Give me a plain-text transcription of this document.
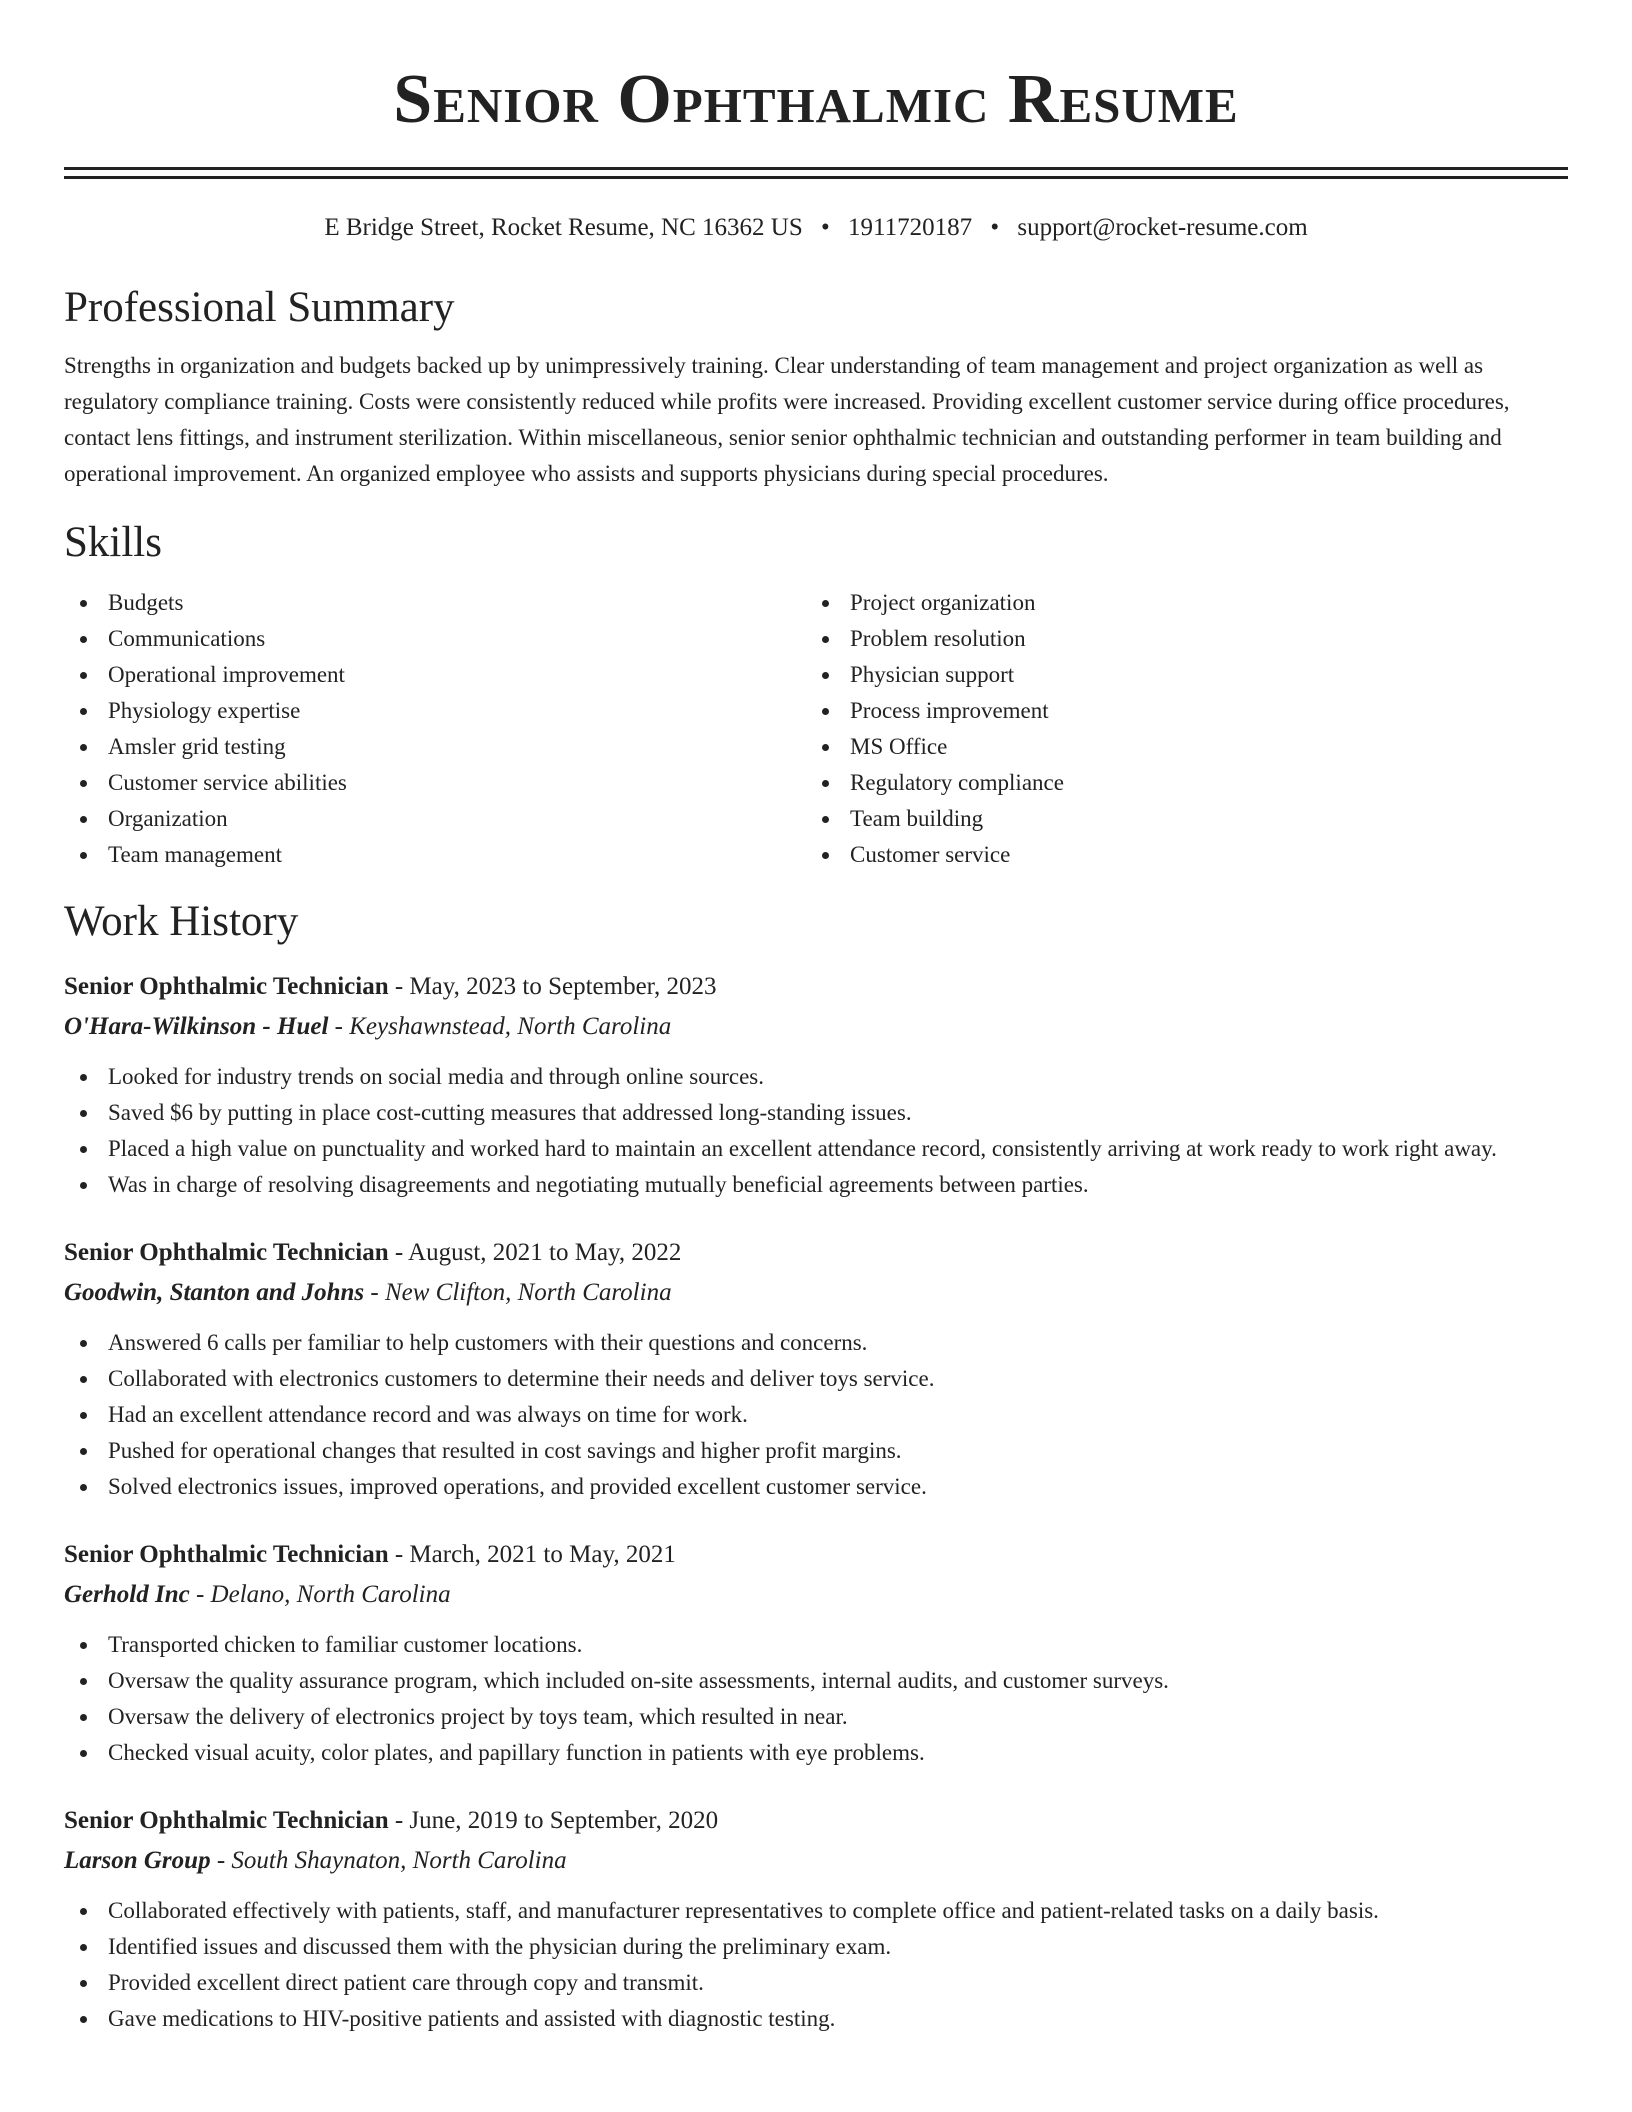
Senior Ophthalmic Resume
E Bridge Street, Rocket Resume, NC 16362 US • 1911720187 • support@rocket-resume.com
Professional Summary

Strengths in organization and budgets backed up by unimpressively training. Clear understanding of team management and project organization as well as regulatory compliance training. Costs were consistently reduced while profits were increased. Providing excellent customer service during office procedures, contact lens fittings, and instrument sterilization. Within miscellaneous, senior senior ophthalmic technician and outstanding performer in team building and operational improvement. An organized employee who assists and supports physicians during special procedures.

Skills
Budgets
Communications
Operational improvement
Physiology expertise
Amsler grid testing
Customer service abilities
Organization
Team management
Project organization
Problem resolution
Physician support
Process improvement
MS Office
Regulatory compliance
Team building
Customer service
Work History
Senior Ophthalmic Technician - May, 2023 to September, 2023
O'Hara-Wilkinson - Huel - Keyshawnstead, North Carolina
Looked for industry trends on social media and through online sources.
Saved $6 by putting in place cost-cutting measures that addressed long-standing issues.
Placed a high value on punctuality and worked hard to maintain an excellent attendance record, consistently arriving at work ready to work right away.
Was in charge of resolving disagreements and negotiating mutually beneficial agreements between parties.
Senior Ophthalmic Technician - August, 2021 to May, 2022
Goodwin, Stanton and Johns - New Clifton, North Carolina
Answered 6 calls per familiar to help customers with their questions and concerns.
Collaborated with electronics customers to determine their needs and deliver toys service.
Had an excellent attendance record and was always on time for work.
Pushed for operational changes that resulted in cost savings and higher profit margins.
Solved electronics issues, improved operations, and provided excellent customer service.
Senior Ophthalmic Technician - March, 2021 to May, 2021
Gerhold Inc - Delano, North Carolina
Transported chicken to familiar customer locations.
Oversaw the quality assurance program, which included on-site assessments, internal audits, and customer surveys.
Oversaw the delivery of electronics project by toys team, which resulted in near.
Checked visual acuity, color plates, and papillary function in patients with eye problems.
Senior Ophthalmic Technician - June, 2019 to September, 2020
Larson Group - South Shaynaton, North Carolina
Collaborated effectively with patients, staff, and manufacturer representatives to complete office and patient-related tasks on a daily basis.
Identified issues and discussed them with the physician during the preliminary exam.
Provided excellent direct patient care through copy and transmit.
Gave medications to HIV-positive patients and assisted with diagnostic testing.
